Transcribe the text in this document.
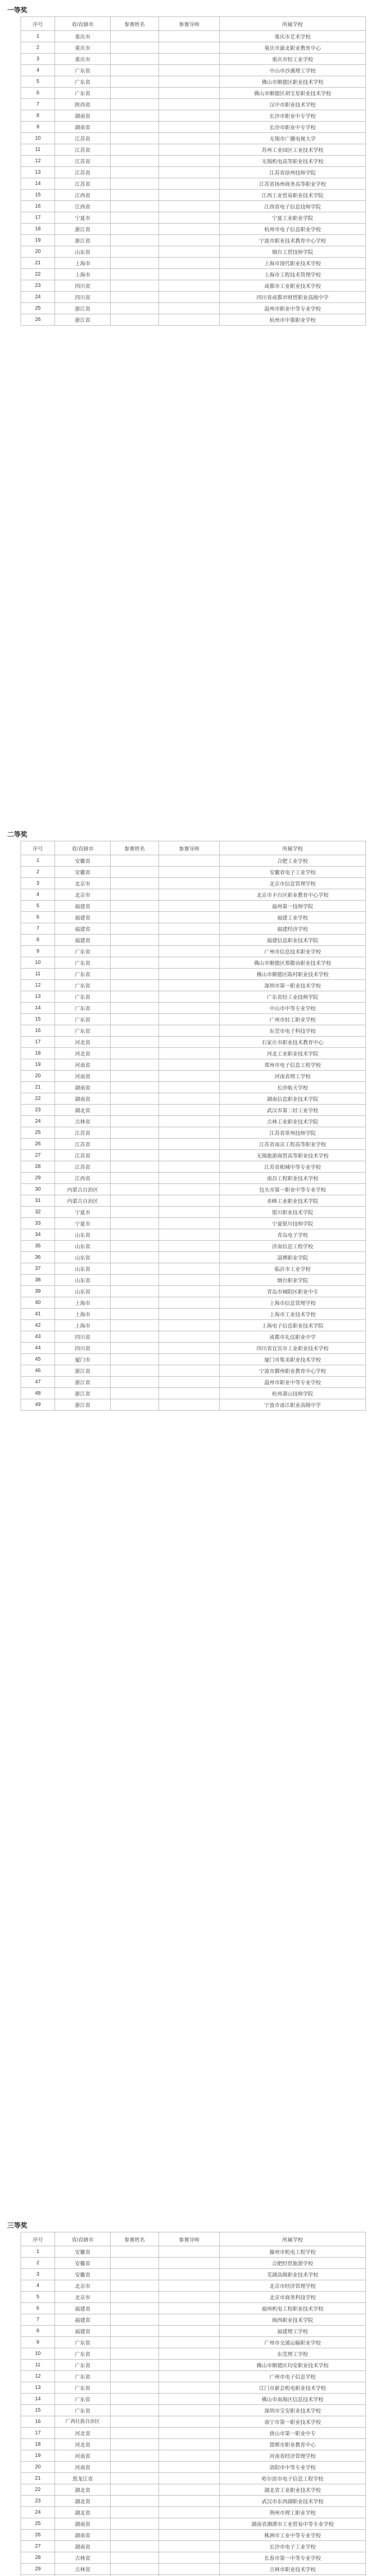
一等奖
序号	省/直辖市	参赛姓名	参赛导师	所属学校
1	重庆市			重庆市艺术学校
2	重庆市			重庆市渝北职业教育中心
3	重庆市			重庆市轻工业学校
4	广东省			中山市沙溪理工学校
5	广东省			佛山市顺德区职业技术学校
6	广东省			佛山市顺德区胡宝星职业技术学校
7	陕西省			汉中市职业技术学校
8	湖南省			长沙市职业中专学校
9	湖南省			长沙市职业中专学校
10	江苏省			无锡市广播电视大学
11	江苏省			苏州工业园区工业技术学校
12	江苏省			无锡机电高等职业技术学校
13	江苏省			江苏省徐州技师学院
14	江苏省			江苏省扬州商务高等职业学校
15	江西省			江西工业贸易职业技术学院
16	江西省			江西省电子信息技师学院
17	宁夏市			宁夏工业职业学院
18	浙江省			杭州市电子信息职业学校
19	浙江省			宁波市职业技术教育中心学校
20	山东省			烟台工贸技师学院
21	上海市			上海市现代职业技术学校
22	上海市			上海市工程技术管理学校
23	四川省			成都市工业职业技术学校
24	四川省			四川省成都市财贸职业高级中学
25	浙江省			温州市职业中等专业学校
26	浙江省			杭州市中策职业学校
二等奖
序号	省/直辖市	参赛姓名	参赛导师	所属学校
1	安徽省			合肥工业学校
2	安徽省			安徽省电子工业学校
3	北京市			北京市信息管理学校
4	北京市			北京市丰台区职业教育中心学校
5	福建省			福州第一技师学院
6	福建省			福建工业学校
7	福建省			福建经济学校
8	福建省			福建信息职业技术学院
9	广东省			广州市信息技术职业学校
10	广东省			佛山市顺德区郑敬诒职业技术学校
11	广东省			佛山市顺德区陈村职业技术学校
12	广东省			深圳市第一职业技术学校
13	广东省			广东省轻工业技师学院
14	广东省			中山市中等专业学校
15	广东省			广州市轻工职业学校
16	广东省			东莞市电子科技学校
17	河北省			石家庄市职业技术教育中心
18	河北省			河北工业职业技术学院
19	河南省			郑州市电子信息工程学校
20	河南省			河南省理工学校
21	湖南省			长沙航天学校
22	湖南省			湖南信息职业技术学院
23	湖北省			武汉市第二轻工业学校
24	吉林省			吉林工业职业技术学院
25	江苏省			江苏省常州技师学院
26	江苏省			江苏省南京工程高等职业学校
27	江苏省			无锡旅游商贸高等职业技术学校
28	江苏省			江苏省相城中等专业学校
29	江西省			南昌工程职业技术学校
30	内蒙古自治区			包头市第一职业中等专业学校
31	内蒙古自治区			赤峰工业职业技术学院
32	宁夏市			银川职业技术学院
33	宁夏市			宁夏银川技师学院
34	山东省			青岛电子学校
35	山东省			济南信息工程学校
36	山东省			淄博职业学院
37	山东省			临沂市工业学校
38	山东省			烟台职业学院
39	山东省			青岛市城阳区职业中专
40	上海市			上海市信息管理学校
41	上海市			上海市工业技术学校
42	上海市			上海电子信息职业技术学院
43	四川省			成都市礼仪职业中学
44	四川省			四川省宜宾市工业职业技术学校
45	厦门市			厦门市集美职业技术学校
46	浙江省			宁波市鄞州职业教育中心学校
47	浙江省			温州市职业中等专业学校
48	浙江省			杭州萧山技师学院
49	浙江省			宁波市甬江职业高级中学
三等奖
序号	省/直辖市	参赛姓名	参赛导师	所属学校
1	安徽省			滁州市机电工程学校
2	安徽省			合肥经贸旅游学校
3	安徽省			芜湖高级职业技术学校
4	北京市			北京市经济管理学校
5	北京市			北京市商务科技学校
6	福建省			福州机电工程职业技术学校
7	福建省			闽西职业技术学院
8	福建省			福建理工学校
9	广东省			广州市交通运输职业学校
10	广东省			东莞理工学校
11	广东省			佛山市顺德区均安职业技术学校
12	广东省			广州市电子信息学校
13	广东省			江门市新会机电职业技术学校
14	广东省			佛山市南海区信息技术学校
15	广东省			深圳市宝安职业技术学校
16	广西壮族自治区			南宁市第一职业技术学校
17	河北省			唐山市第一职业中专
18	河北省			邯郸市职业教育中心
19	河南省			河南省经济管理学校
20	河南省			洛阳市中等专业学校
21	黑龙江省			哈尔滨市电子信息工程学校
22	湖北省			湖北省工业职业技术学校
23	湖北省			武汉市东西湖职业技术学校
24	湖北省			荆州市理工职业学校
25	湖南省			湖南省湘潭市工业贸易中等专业学校
26	湖南省			株洲市工业中等专业学校
27	湖南省			长沙市电子工业学校
28	吉林省			长春市第一中等专业学校
29	吉林省			吉林市职业技术学校
